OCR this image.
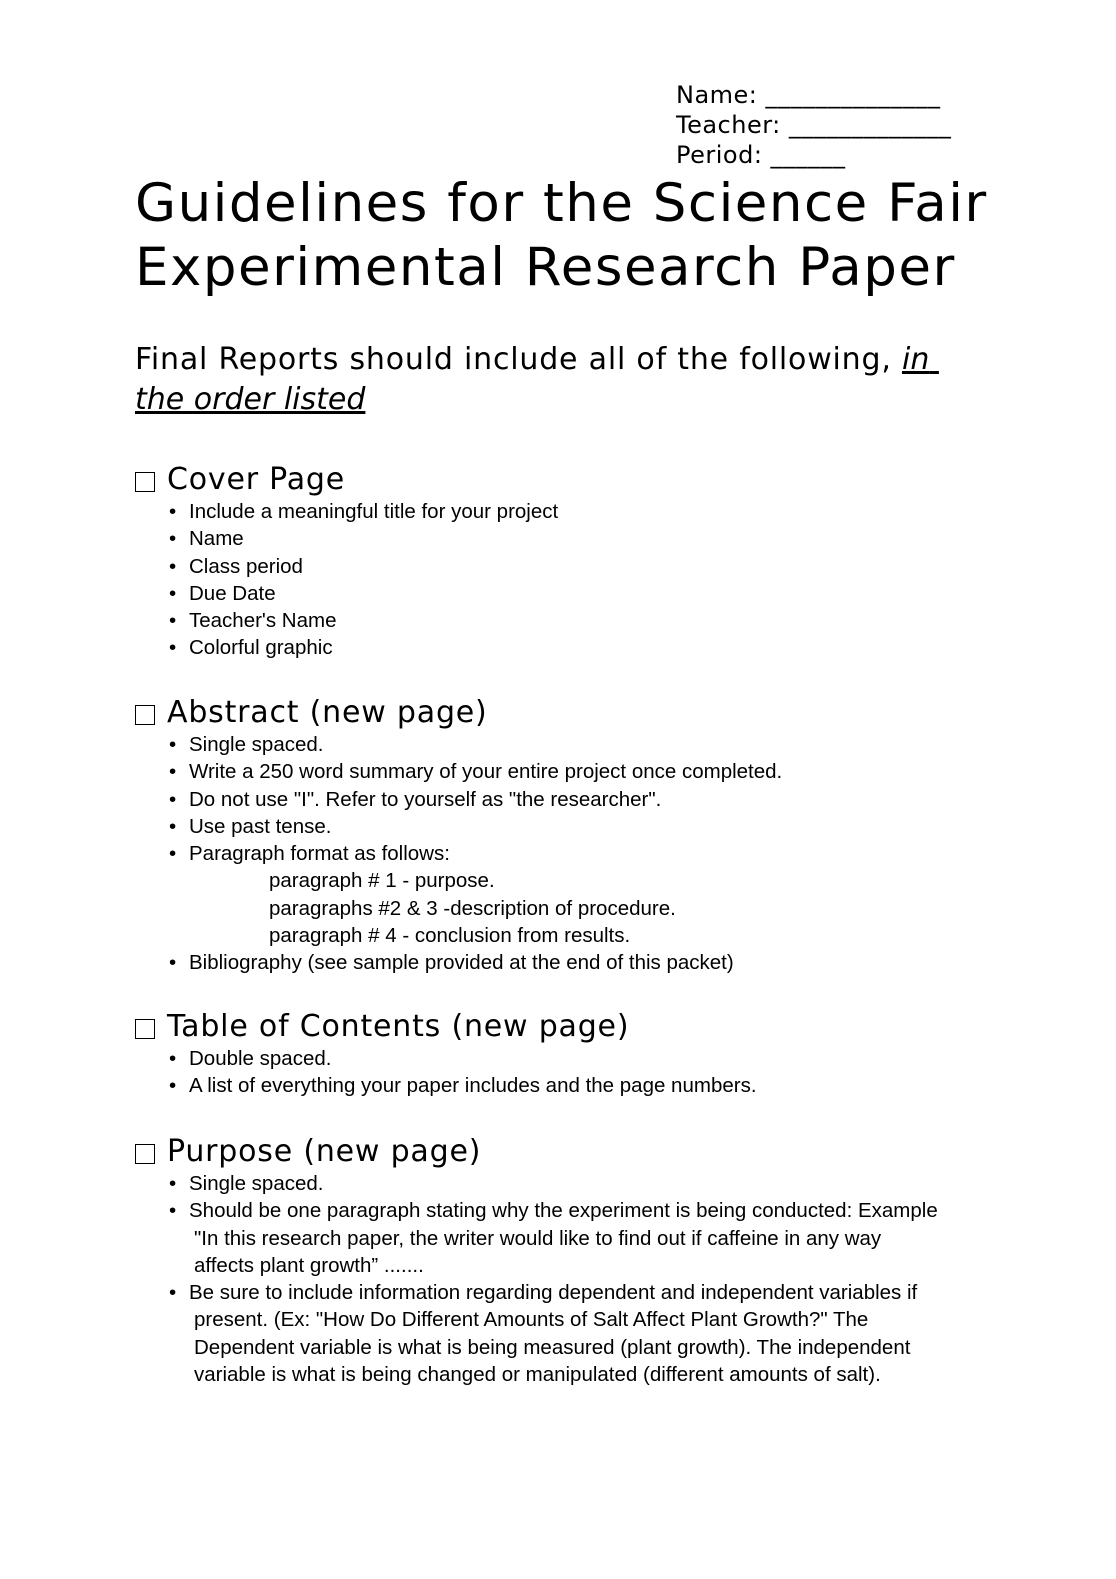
Name: ______________
Teacher: _____________
Period: ______
Guidelines for the Science Fair
Experimental Research Paper
Final Reports should include all of the following, in
the order listed
Cover Page
• Include a meaningful title for your project
• Name
• Class period
• Due Date
• Teacher's Name
• Colorful graphic
Abstract (new page)
• Single spaced.
• Write a 250 word summary of your entire project once completed.
• Do not use "I". Refer to yourself as "the researcher".
• Use past tense.
• Paragraph format as follows:
paragraph # 1 - purpose.
paragraphs #2 & 3 -description of procedure.
paragraph # 4 - conclusion from results.
• Bibliography (see sample provided at the end of this packet)
Table of Contents (new page)
• Double spaced.
• A list of everything your paper includes and the page numbers.
Purpose (new page)
• Single spaced.
• Should be one paragraph stating why the experiment is being conducted: Example
"In this research paper, the writer would like to find out if caffeine in any way
affects plant growth” .......
• Be sure to include information regarding dependent and independent variables if
present. (Ex: "How Do Different Amounts of Salt Affect Plant Growth?" The
Dependent variable is what is being measured (plant growth). The independent
variable is what is being changed or manipulated (different amounts of salt).
